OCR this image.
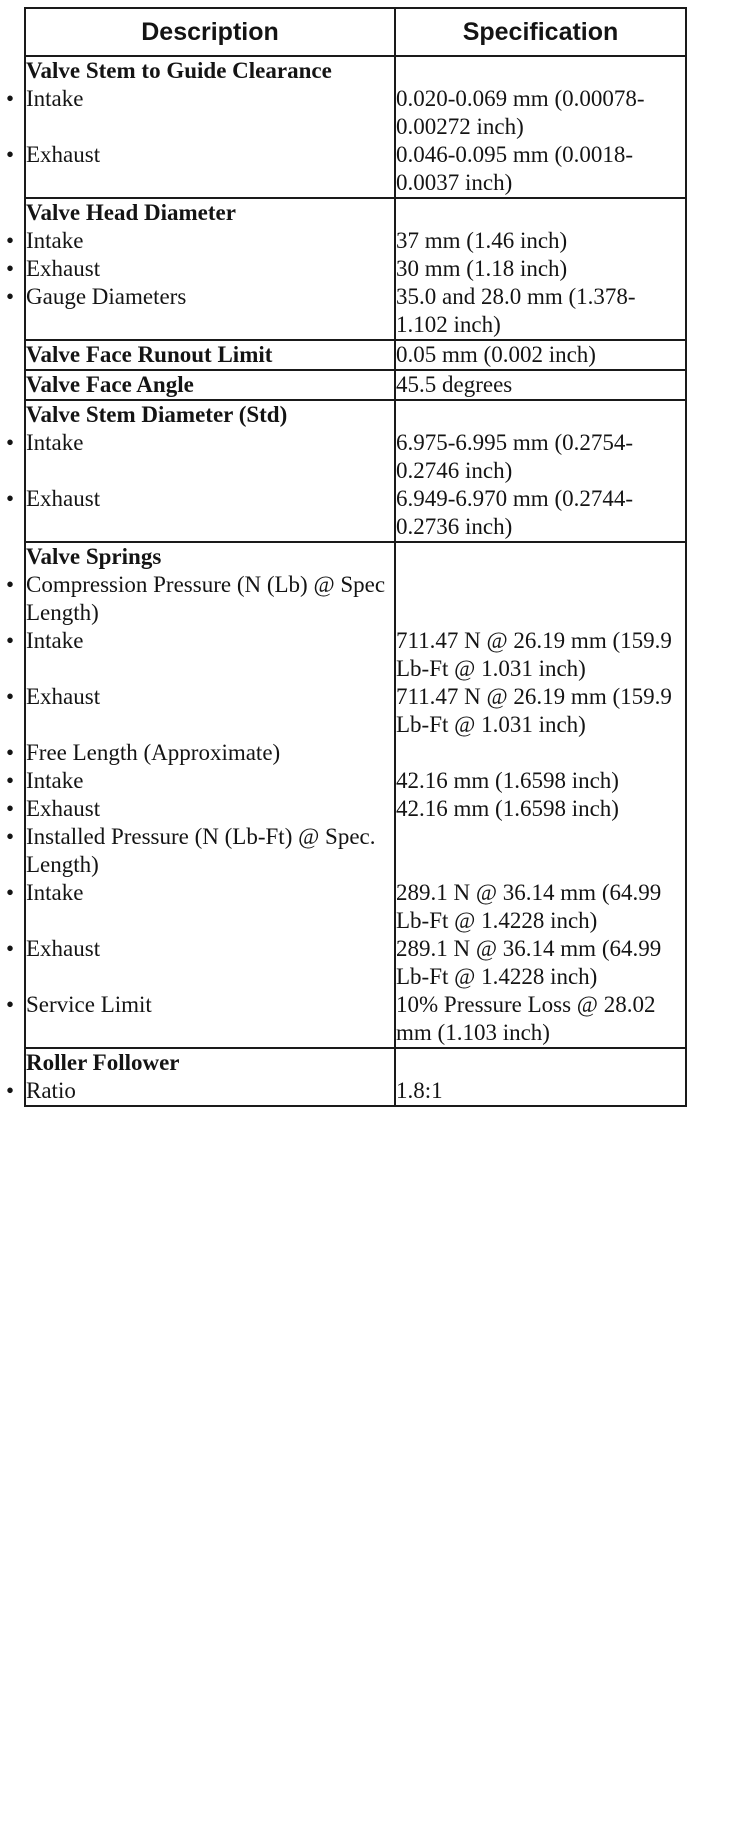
Description	Specification
Valve Stem to Guide Clearance	
• Intake	0.020-0.069 mm (0.00078-0.00272 inch)
• Exhaust	0.046-0.095 mm (0.0018-0.0037 inch)
Valve Head Diameter	
• Intake	37 mm (1.46 inch)
• Exhaust	30 mm (1.18 inch)
• Gauge Diameters	35.0 and 28.0 mm (1.378-1.102 inch)
Valve Face Runout Limit	0.05 mm (0.002 inch)
Valve Face Angle	45.5 degrees
Valve Stem Diameter (Std)	
• Intake	6.975-6.995 mm (0.2754-0.2746 inch)
• Exhaust	6.949-6.970 mm (0.2744-0.2736 inch)
Valve Springs	
• Compression Pressure (N (Lb) @ Spec Length)	
• Intake	711.47 N @ 26.19 mm (159.9 Lb-Ft @ 1.031 inch)
• Exhaust	711.47 N @ 26.19 mm (159.9 Lb-Ft @ 1.031 inch)
• Free Length (Approximate)	
• Intake	42.16 mm (1.6598 inch)
• Exhaust	42.16 mm (1.6598 inch)
• Installed Pressure (N (Lb-Ft) @ Spec. Length)	
• Intake	289.1 N @ 36.14 mm (64.99 Lb-Ft @ 1.4228 inch)
• Exhaust	289.1 N @ 36.14 mm (64.99 Lb-Ft @ 1.4228 inch)
• Service Limit	10% Pressure Loss @ 28.02 mm (1.103 inch)
Roller Follower	
• Ratio	1.8:1
